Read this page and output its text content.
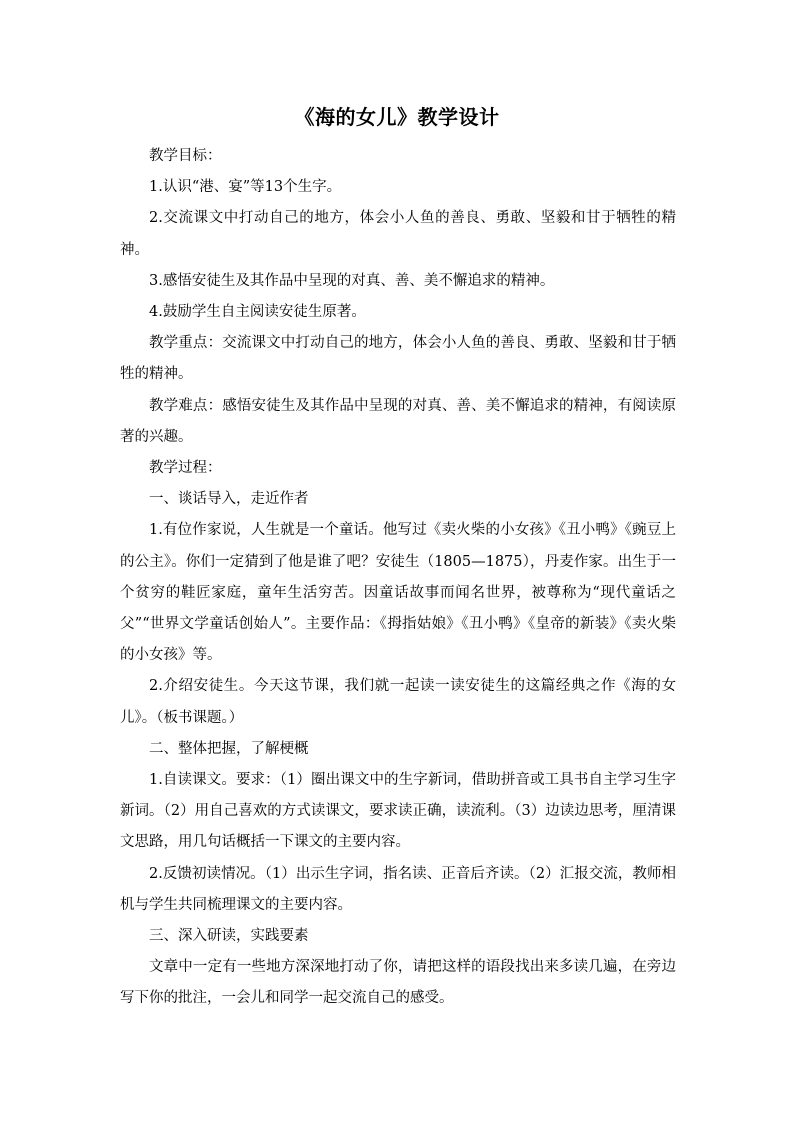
《海的女儿》教学设计

教学目标：

1.认识“港、宴”等13个生字。

2.交流课文中打动自己的地方，体会小人鱼的善良、勇敢、坚毅和甘于牺牲的精神。

3.感悟安徒生及其作品中呈现的对真、善、美不懈追求的精神。

4.鼓励学生自主阅读安徒生原著。

教学重点：交流课文中打动自己的地方，体会小人鱼的善良、勇敢、坚毅和甘于牺牲的精神。

教学难点：感悟安徒生及其作品中呈现的对真、善、美不懈追求的精神，有阅读原著的兴趣。

教学过程：

一、谈话导入，走近作者

1.有位作家说，人生就是一个童话。他写过《卖火柴的小女孩》《丑小鸭》《豌豆上的公主》。你们一定猜到了他是谁了吧？安徒生（1805—1875），丹麦作家。出生于一个贫穷的鞋匠家庭，童年生活穷苦。因童话故事而闻名世界，被尊称为“现代童话之父”“世界文学童话创始人”。主要作品：《拇指姑娘》《丑小鸭》《皇帝的新装》《卖火柴的小女孩》等。

2.介绍安徒生。今天这节课，我们就一起读一读安徒生的这篇经典之作《海的女儿》。（板书课题。）

二、整体把握，了解梗概

1.自读课文。要求：（1）圈出课文中的生字新词，借助拼音或工具书自主学习生字新词。（2）用自己喜欢的方式读课文，要求读正确，读流利。（3）边读边思考，厘清课文思路，用几句话概括一下课文的主要内容。

2.反馈初读情况。（1）出示生字词，指名读、正音后齐读。（2）汇报交流，教师相机与学生共同梳理课文的主要内容。

三、深入研读，实践要素

文章中一定有一些地方深深地打动了你，请把这样的语段找出来多读几遍，在旁边写下你的批注，一会儿和同学一起交流自己的感受。
